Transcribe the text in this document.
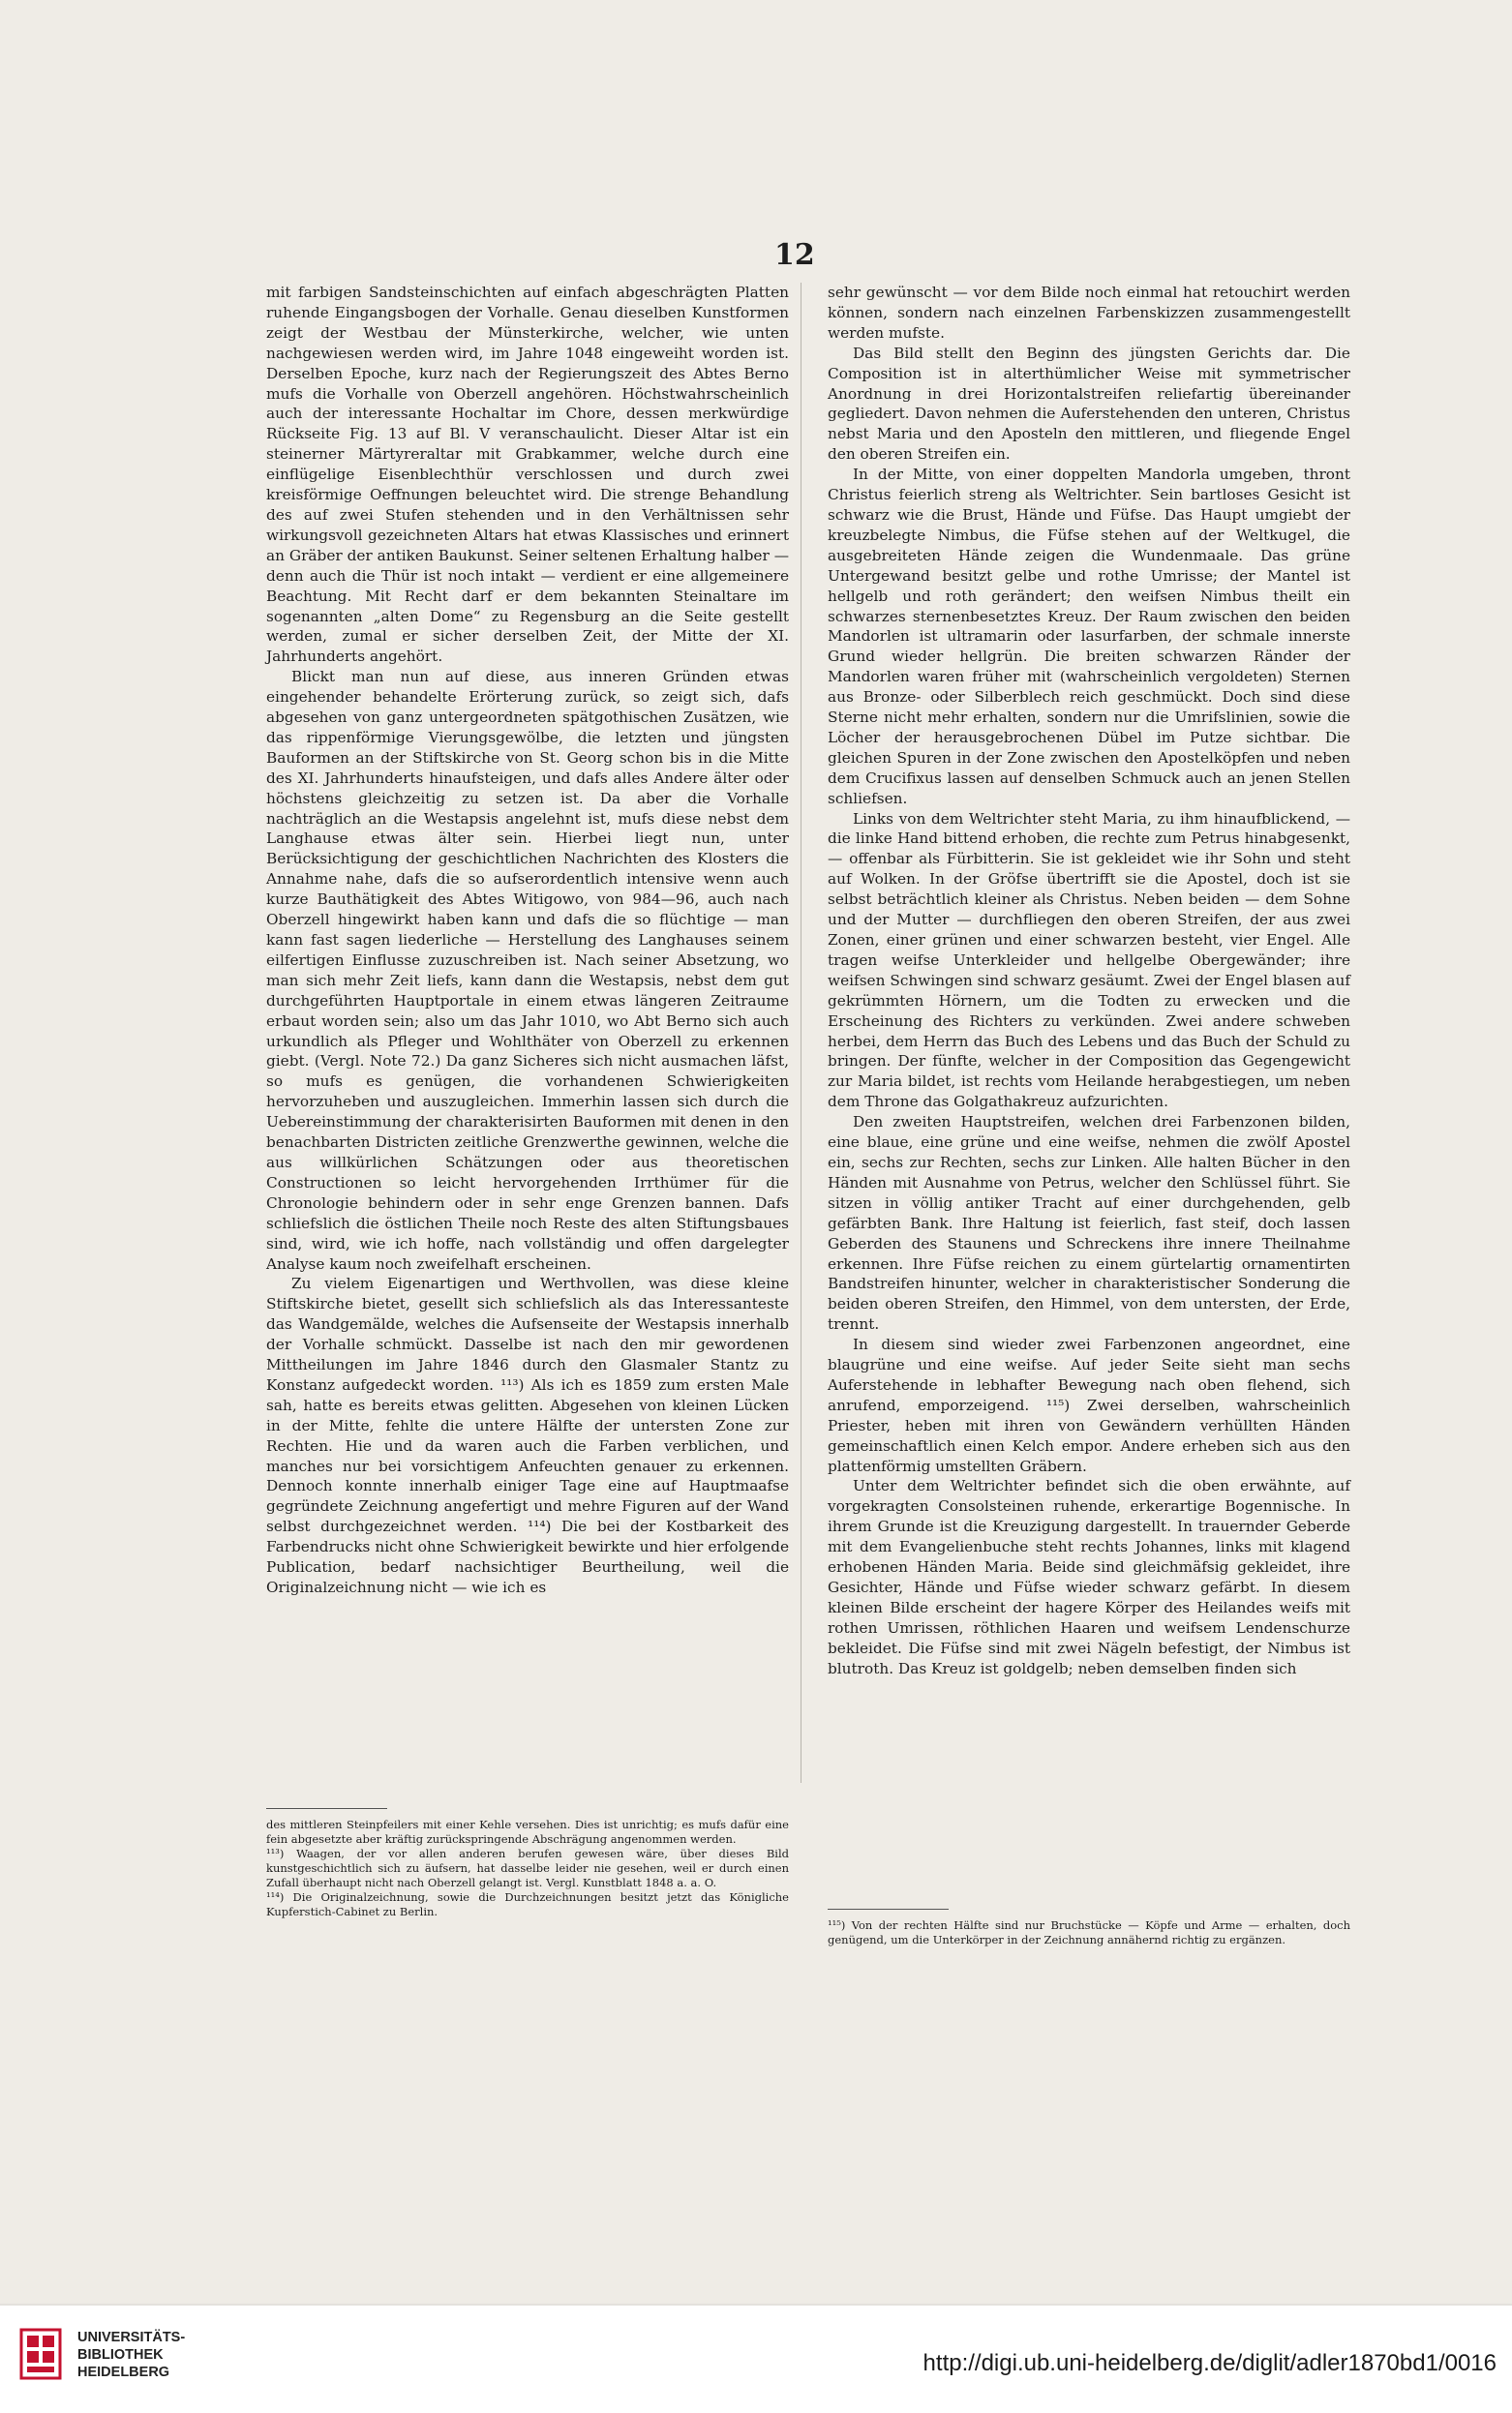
12

mit farbigen Sandsteinschichten auf einfach abgeschrägten Platten ruhende Eingangsbogen der Vorhalle. Genau dieselben Kunstformen zeigt der Westbau der Münsterkirche, welcher, wie unten nachgewiesen werden wird, im Jahre 1048 eingeweiht worden ist. Derselben Epoche, kurz nach der Regierungszeit des Abtes Berno mufs die Vorhalle von Oberzell angehören. Höchstwahrscheinlich auch der interessante Hochaltar im Chore, dessen merkwürdige Rückseite Fig. 13 auf Bl. V veranschaulicht. Dieser Altar ist ein steinerner Märtyreraltar mit Grabkammer, welche durch eine einflügelige Eisenblechthür verschlossen und durch zwei kreisförmige Oeffnungen beleuchtet wird. Die strenge Behandlung des auf zwei Stufen stehenden und in den Verhältnissen sehr wirkungsvoll gezeichneten Altars hat etwas Klassisches und erinnert an Gräber der antiken Baukunst. Seiner seltenen Erhaltung halber — denn auch die Thür ist noch intakt — verdient er eine allgemeinere Beachtung. Mit Recht darf er dem bekannten Steinaltare im sogenannten „alten Dome“ zu Regensburg an die Seite gestellt werden, zumal er sicher derselben Zeit, der Mitte der XI. Jahrhunderts angehört.

Blickt man nun auf diese, aus inneren Gründen etwas eingehender behandelte Erörterung zurück, so zeigt sich, dafs abgesehen von ganz untergeordneten spätgothischen Zusätzen, wie das rippenförmige Vierungsgewölbe, die letzten und jüngsten Bauformen an der Stiftskirche von St. Georg schon bis in die Mitte des XI. Jahrhunderts hinaufsteigen, und dafs alles Andere älter oder höchstens gleichzeitig zu setzen ist. Da aber die Vorhalle nachträglich an die Westapsis angelehnt ist, mufs diese nebst dem Langhause etwas älter sein. Hierbei liegt nun, unter Berücksichtigung der geschichtlichen Nachrichten des Klosters die Annahme nahe, dafs die so aufserordentlich intensive wenn auch kurze Bauthätigkeit des Abtes Witigowo, von 984—96, auch nach Oberzell hingewirkt haben kann und dafs die so flüchtige — man kann fast sagen liederliche — Herstellung des Langhauses seinem eilfertigen Einflusse zuzuschreiben ist. Nach seiner Absetzung, wo man sich mehr Zeit liefs, kann dann die Westapsis, nebst dem gut durchgeführten Hauptportale in einem etwas längeren Zeitraume erbaut worden sein; also um das Jahr 1010, wo Abt Berno sich auch urkundlich als Pfleger und Wohlthäter von Oberzell zu erkennen giebt. (Vergl. Note 72.) Da ganz Sicheres sich nicht ausmachen läfst, so mufs es genügen, die vorhandenen Schwierigkeiten hervorzuheben und auszugleichen. Immerhin lassen sich durch die Uebereinstimmung der charakterisirten Bauformen mit denen in den benachbarten Districten zeitliche Grenzwerthe gewinnen, welche die aus willkürlichen Schätzungen oder aus theoretischen Constructionen so leicht hervorgehenden Irrthümer für die Chronologie behindern oder in sehr enge Grenzen bannen. Dafs schliefslich die östlichen Theile noch Reste des alten Stiftungsbaues sind, wird, wie ich hoffe, nach vollständig und offen dargelegter Analyse kaum noch zweifelhaft erscheinen.

Zu vielem Eigenartigen und Werthvollen, was diese kleine Stiftskirche bietet, gesellt sich schliefslich als das Interessanteste das Wandgemälde, welches die Aufsenseite der Westapsis innerhalb der Vorhalle schmückt. Dasselbe ist nach den mir gewordenen Mittheilungen im Jahre 1846 durch den Glasmaler Stantz zu Konstanz aufgedeckt worden. ¹¹³) Als ich es 1859 zum ersten Male sah, hatte es bereits etwas gelitten. Abgesehen von kleinen Lücken in der Mitte, fehlte die untere Hälfte der untersten Zone zur Rechten. Hie und da waren auch die Farben verblichen, und manches nur bei vorsichtigem Anfeuchten genauer zu erkennen. Dennoch konnte innerhalb einiger Tage eine auf Hauptmaafse gegründete Zeichnung angefertigt und mehre Figuren auf der Wand selbst durchgezeichnet werden. ¹¹⁴) Die bei der Kostbarkeit des Farbendrucks nicht ohne Schwierigkeit bewirkte und hier erfolgende Publication, bedarf nachsichtiger Beurtheilung, weil die Originalzeichnung nicht — wie ich es

sehr gewünscht — vor dem Bilde noch einmal hat retouchirt werden können, sondern nach einzelnen Farbenskizzen zusammengestellt werden mufste.

Das Bild stellt den Beginn des jüngsten Gerichts dar. Die Composition ist in alterthümlicher Weise mit symmetrischer Anordnung in drei Horizontalstreifen reliefartig übereinander gegliedert. Davon nehmen die Auferstehenden den unteren, Christus nebst Maria und den Aposteln den mittleren, und fliegende Engel den oberen Streifen ein.

In der Mitte, von einer doppelten Mandorla umgeben, thront Christus feierlich streng als Weltrichter. Sein bartloses Gesicht ist schwarz wie die Brust, Hände und Füfse. Das Haupt umgiebt der kreuzbelegte Nimbus, die Füfse stehen auf der Weltkugel, die ausgebreiteten Hände zeigen die Wundenmaale. Das grüne Untergewand besitzt gelbe und rothe Umrisse; der Mantel ist hellgelb und roth gerändert; den weifsen Nimbus theilt ein schwarzes sternenbesetztes Kreuz. Der Raum zwischen den beiden Mandorlen ist ultramarin oder lasurfarben, der schmale innerste Grund wieder hellgrün. Die breiten schwarzen Ränder der Mandorlen waren früher mit (wahrscheinlich vergoldeten) Sternen aus Bronze- oder Silberblech reich geschmückt. Doch sind diese Sterne nicht mehr erhalten, sondern nur die Umrifslinien, sowie die Löcher der herausgebrochenen Dübel im Putze sichtbar. Die gleichen Spuren in der Zone zwischen den Apostelköpfen und neben dem Crucifixus lassen auf denselben Schmuck auch an jenen Stellen schliefsen.

Links von dem Weltrichter steht Maria, zu ihm hinaufblickend, — die linke Hand bittend erhoben, die rechte zum Petrus hinabgesenkt, — offenbar als Fürbitterin. Sie ist gekleidet wie ihr Sohn und steht auf Wolken. In der Gröfse übertrifft sie die Apostel, doch ist sie selbst beträchtlich kleiner als Christus. Neben beiden — dem Sohne und der Mutter — durchfliegen den oberen Streifen, der aus zwei Zonen, einer grünen und einer schwarzen besteht, vier Engel. Alle tragen weifse Unterkleider und hellgelbe Obergewänder; ihre weifsen Schwingen sind schwarz gesäumt. Zwei der Engel blasen auf gekrümmten Hörnern, um die Todten zu erwecken und die Erscheinung des Richters zu verkünden. Zwei andere schweben herbei, dem Herrn das Buch des Lebens und das Buch der Schuld zu bringen. Der fünfte, welcher in der Composition das Gegengewicht zur Maria bildet, ist rechts vom Heilande herabgestiegen, um neben dem Throne das Golgathakreuz aufzurichten.

Den zweiten Hauptstreifen, welchen drei Farbenzonen bilden, eine blaue, eine grüne und eine weifse, nehmen die zwölf Apostel ein, sechs zur Rechten, sechs zur Linken. Alle halten Bücher in den Händen mit Ausnahme von Petrus, welcher den Schlüssel führt. Sie sitzen in völlig antiker Tracht auf einer durchgehenden, gelb gefärbten Bank. Ihre Haltung ist feierlich, fast steif, doch lassen Geberden des Staunens und Schreckens ihre innere Theilnahme erkennen. Ihre Füfse reichen zu einem gürtelartig ornamentirten Bandstreifen hinunter, welcher in charakteristischer Sonderung die beiden oberen Streifen, den Himmel, von dem untersten, der Erde, trennt.

In diesem sind wieder zwei Farbenzonen angeordnet, eine blaugrüne und eine weifse. Auf jeder Seite sieht man sechs Auferstehende in lebhafter Bewegung nach oben flehend, sich anrufend, emporzeigend. ¹¹⁵) Zwei derselben, wahrscheinlich Priester, heben mit ihren von Gewändern verhüllten Händen gemeinschaftlich einen Kelch empor. Andere erheben sich aus den plattenförmig umstellten Gräbern.

Unter dem Weltrichter befindet sich die oben erwähnte, auf vorgekragten Consolsteinen ruhende, erkerartige Bogennische. In ihrem Grunde ist die Kreuzigung dargestellt. In trauernder Geberde mit dem Evangelienbuche steht rechts Johannes, links mit klagend erhobenen Händen Maria. Beide sind gleichmäfsig gekleidet, ihre Gesichter, Hände und Füfse wieder schwarz gefärbt. In diesem kleinen Bilde erscheint der hagere Körper des Heilandes weifs mit rothen Umrissen, röthlichen Haaren und weifsem Lendenschurze bekleidet. Die Füfse sind mit zwei Nägeln befestigt, der Nimbus ist blutroth. Das Kreuz ist goldgelb; neben demselben finden sich

des mittleren Steinpfeilers mit einer Kehle versehen. Dies ist unrichtig; es mufs dafür eine fein abgesetzte aber kräftig zurückspringende Abschrägung angenommen werden.

¹¹³) Waagen, der vor allen anderen berufen gewesen wäre, über dieses Bild kunstgeschichtlich sich zu äufsern, hat dasselbe leider nie gesehen, weil er durch einen Zufall überhaupt nicht nach Oberzell gelangt ist. Vergl. Kunstblatt 1848 a. a. O.

¹¹⁴) Die Originalzeichnung, sowie die Durchzeichnungen besitzt jetzt das Königliche Kupferstich-Cabinet zu Berlin.

¹¹⁵) Von der rechten Hälfte sind nur Bruchstücke — Köpfe und Arme — erhalten, doch genügend, um die Unterkörper in der Zeichnung annähernd richtig zu ergänzen.

UNIVERSITÄTS-
BIBLIOTHEK
HEIDELBERG	http://digi.ub.uni-heidelberg.de/diglit/adler1870bd1/0016
